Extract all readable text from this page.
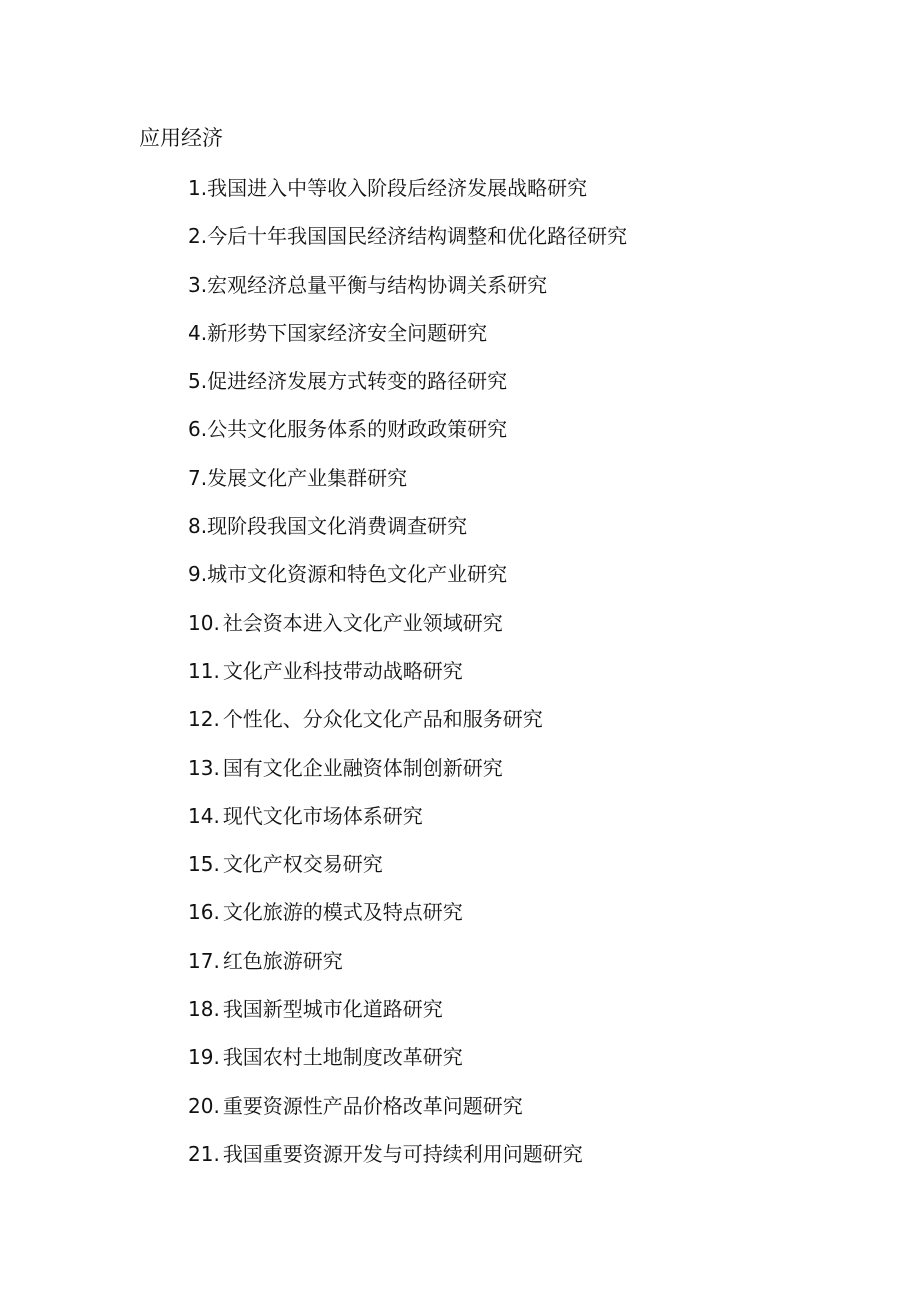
应用经济
1.我国进入中等收入阶段后经济发展战略研究
2.今后十年我国国民经济结构调整和优化路径研究
3.宏观经济总量平衡与结构协调关系研究
4.新形势下国家经济安全问题研究
5.促进经济发展方式转变的路径研究
6.公共文化服务体系的财政政策研究
7.发展文化产业集群研究
8.现阶段我国文化消费调查研究
9.城市文化资源和特色文化产业研究
10. 社会资本进入文化产业领域研究
11. 文化产业科技带动战略研究
12. 个性化、分众化文化产品和服务研究
13. 国有文化企业融资体制创新研究
14. 现代文化市场体系研究
15. 文化产权交易研究
16. 文化旅游的模式及特点研究
17. 红色旅游研究
18. 我国新型城市化道路研究
19. 我国农村土地制度改革研究
20. 重要资源性产品价格改革问题研究
21. 我国重要资源开发与可持续利用问题研究
